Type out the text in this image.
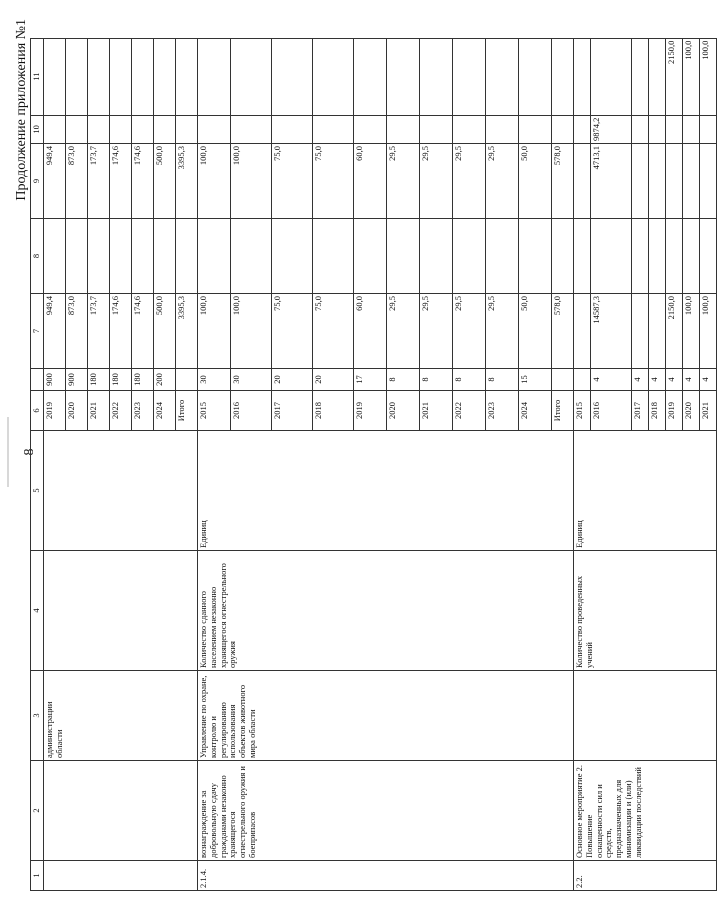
8
Продолжение приложения №1
1	2	3	4	5	6		7	8	9	10	11
		администрации области			2019	900	949,4		949,4		
					2020	900	873,0		873,0		
					2021	180	173,7		173,7		
					2022	180	174,6		174,6		
					2023	180	174,6		174,6		
					2024	200	500,0		500,0		
					Итого		3395,3		3395,3		
2.1.4.	вознаграждение за добровольную сдачу гражданами незаконно хранящегося огнестрельного оружия и боеприпасов	Управление по охране, контролю и регулированию использования объектов животного мира области	Количество сданного населением незаконно хранящегося огнестрельного оружия	Единиц	2015	30	100,0		100,0		
					2016	30	100,0		100,0		
					2017	20	75,0		75,0		
					2018	20	75,0		75,0		
					2019	17	60,0		60,0		
					2020	8	29,5		29,5		
					2021	8	29,5		29,5		
					2022	8	29,5		29,5		
					2023	8	29,5		29,5		
					2024	15	50,0		50,0		
					Итого		578,0		578,0		
2.2.	Основное мероприятие 2. Повышение оснащенности сил и средств, предназначенных для минимизации и (или) ликвидации последствий		Количество проведенных учений	Единиц	2015						
					2016	4	14587,3		4713,1	9874,2	
					2017	4					
					2018	4					
					2019	4	2150,0				2150,0
					2020	4	100,0				100,0
					2021	4	100,0				100,0
